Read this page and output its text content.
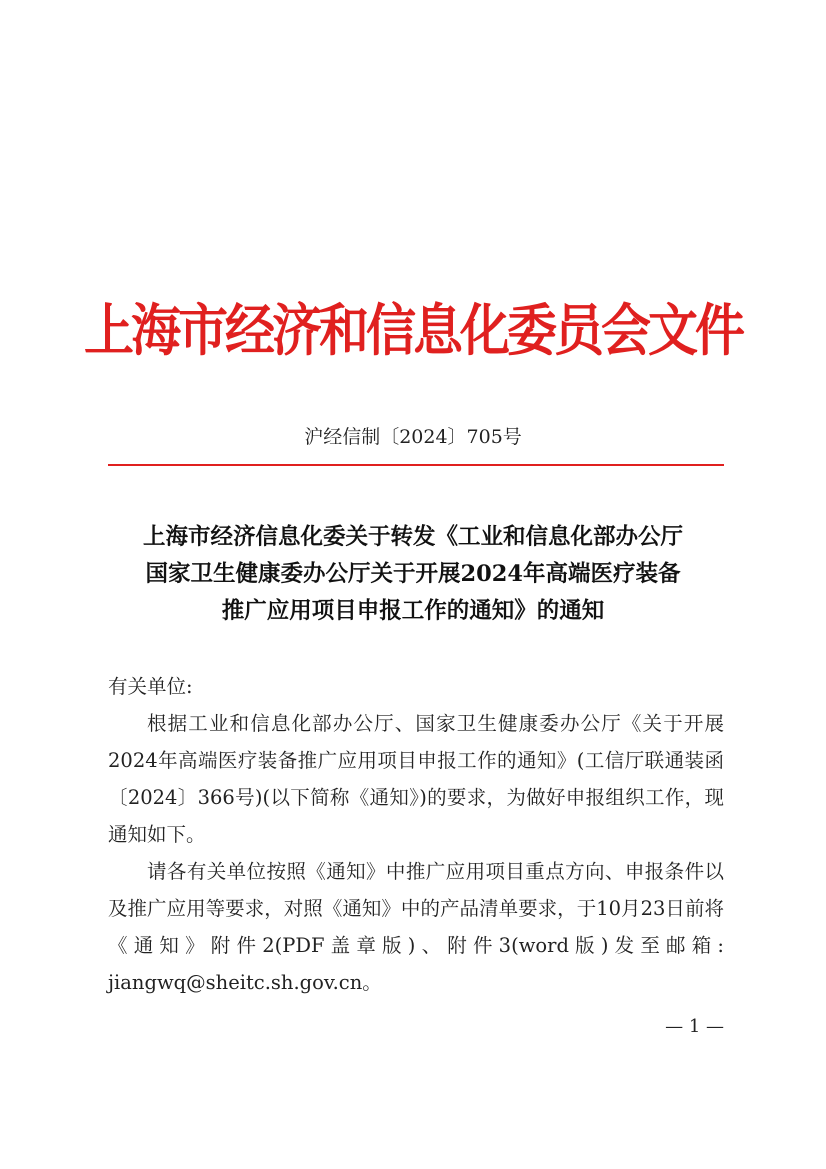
上海市经济和信息化委员会文件
沪经信制〔2024〕705号
上海市经济信息化委关于转发《工业和信息化部办公厅
国家卫生健康委办公厅关于开展2024年高端医疗装备
推广应用项目申报工作的通知》的通知

有关单位:

根据工业和信息化部办公厅、国家卫生健康委办公厅《关于开展2024年高端医疗装备推广应用项目申报工作的通知》(工信厅联通装函〔2024〕366号)(以下简称《通知》)的要求，为做好申报组织工作，现通知如下。

请各有关单位按照《通知》中推广应用项目重点方向、申报条件以及推广应用等要求，对照《通知》中的产品清单要求，于10月23日前将《通知》附件2(PDF盖章版)、附件3(word版)发至邮箱: jiangwq@sheitc.sh.gov.cn。

— 1 —
